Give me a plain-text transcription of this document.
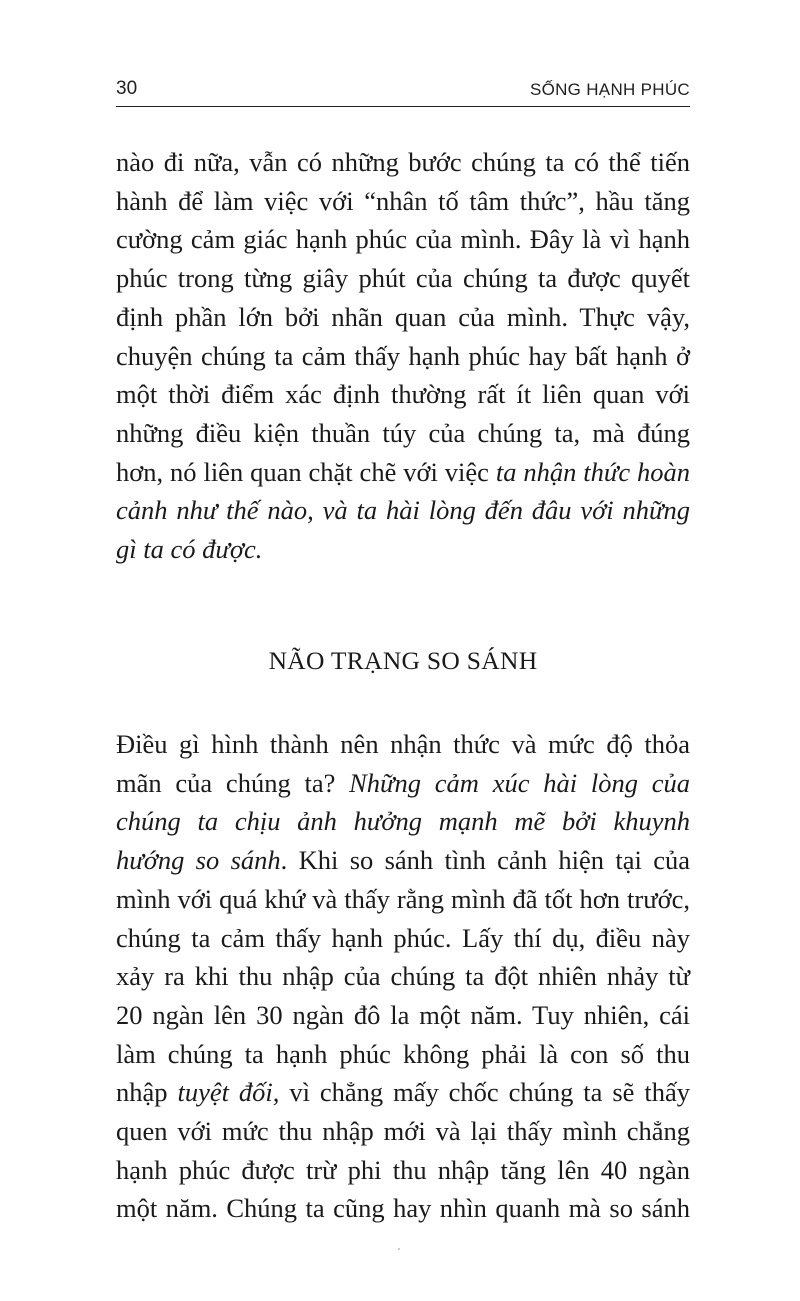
30	SỐNG HẠNH PHÚC
nào đi nữa, vẫn có những bước chúng ta có thể tiến
hành để làm việc với “nhân tố tâm thức”, hầu tăng
cường cảm giác hạnh phúc của mình. Đây là vì hạnh
phúc trong từng giây phút của chúng ta được quyết
định phần lớn bởi nhãn quan của mình. Thực vậy,
chuyện chúng ta cảm thấy hạnh phúc hay bất hạnh ở
một thời điểm xác định thường rất ít liên quan với
những điều kiện thuần túy của chúng ta, mà đúng
hơn, nó liên quan chặt chẽ với việc ta nhận thức hoàn
cảnh như thế nào, và ta hài lòng đến đâu với những
gì ta có được.
NÃO TRẠNG SO SÁNH
Điều gì hình thành nên nhận thức và mức độ thỏa
mãn của chúng ta? Những cảm xúc hài lòng của
chúng ta chịu ảnh hưởng mạnh mẽ bởi khuynh
hướng so sánh. Khi so sánh tình cảnh hiện tại của
mình với quá khứ và thấy rằng mình đã tốt hơn trước,
chúng ta cảm thấy hạnh phúc. Lấy thí dụ, điều này
xảy ra khi thu nhập của chúng ta đột nhiên nhảy từ
20 ngàn lên 30 ngàn đô la một năm. Tuy nhiên, cái
làm chúng ta hạnh phúc không phải là con số thu
nhập tuyệt đối, vì chẳng mấy chốc chúng ta sẽ thấy
quen với mức thu nhập mới và lại thấy mình chẳng
hạnh phúc được trừ phi thu nhập tăng lên 40 ngàn
một năm. Chúng ta cũng hay nhìn quanh mà so sánh
